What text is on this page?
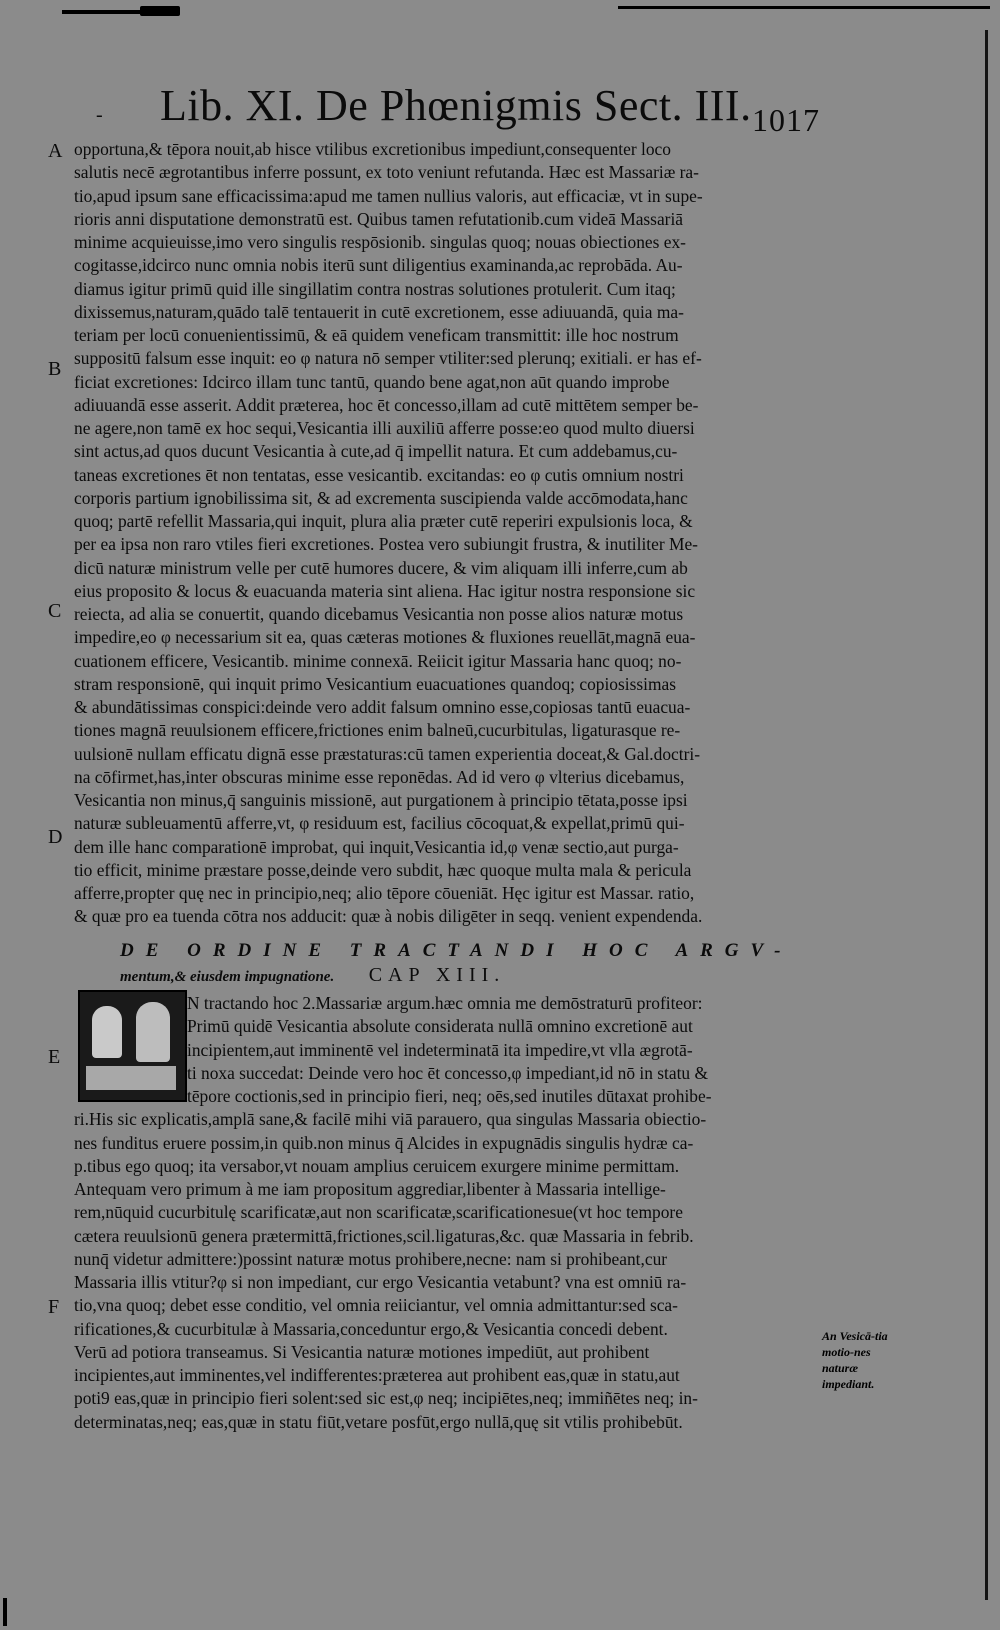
- Lib. XI. De Phœnigmis Sect. III. 1017
A
B
C
D
E
F
opportuna,& tēpora nouit,ab hisce vtilibus excretionibus impediunt,consequenter loco
salutis necē ægrotantibus inferre possunt, ex toto veniunt refutanda. Hæc est Massariæ ra-
tio,apud ipsum sane efficacissima:apud me tamen nullius valoris, aut efficaciæ, vt in supe-
rioris anni disputatione demonstratū est. Quibus tamen refutationib.cum videā Massariā
minime acquieuisse,imo vero singulis respōsionib. singulas quoq; nouas obiectiones ex-
cogitasse,idcirco nunc omnia nobis iterū sunt diligentius examinanda,ac reprobāda. Au-
diamus igitur primū quid ille singillatim contra nostras solutiones protulerit. Cum itaq;
dixissemus,naturam,quādo talē tentauerit in cutē excretionem, esse adiuuandā, quia ma-
teriam per locū conuenientissimū, & eā quidem veneficam transmittit: ille hoc nostrum
suppositū falsum esse inquit: eo φ natura nō semper vtiliter:sed plerunq; exitiali. er has ef-
ficiat excretiones: Idcirco illam tunc tantū, quando bene agat,non aūt quando improbe
adiuuandā esse asserit. Addit præterea, hoc ēt concesso,illam ad cutē mittētem semper be-
ne agere,non tamē ex hoc sequi,Vesicantia illi auxiliū afferre posse:eo quod multo diuersi
sint actus,ad quos ducunt Vesicantia à cute,ad q̄ impellit natura. Et cum addebamus,cu-
taneas excretiones ēt non tentatas, esse vesicantib. excitandas: eo φ cutis omnium nostri
corporis partium ignobilissima sit, & ad excrementa suscipienda valde accōmodata,hanc
quoq; partē refellit Massaria,qui inquit, plura alia præter cutē reperiri expulsionis loca, &
per ea ipsa non raro vtiles fieri excretiones. Postea vero subiungit frustra, & inutiliter Me-
dicū naturæ ministrum velle per cutē humores ducere, & vim aliquam illi inferre,cum ab
eius proposito & locus & euacuanda materia sint aliena. Hac igitur nostra responsione sic
reiecta, ad alia se conuertit, quando dicebamus Vesicantia non posse alios naturæ motus
impedire,eo φ necessarium sit ea, quas cæteras motiones & fluxiones reuellāt,magnā eua-
cuationem efficere, Vesicantib. minime connexā. Reiicit igitur Massaria hanc quoq; no-
stram responsionē, qui inquit primo Vesicantium euacuationes quandoq; copiosissimas
& abundātissimas conspici:deinde vero addit falsum omnino esse,copiosas tantū euacua-
tiones magnā reuulsionem efficere,frictiones enim balneū,cucurbitulas, ligaturasque re-
uulsionē nullam efficatu dignā esse præstaturas:cū tamen experientia doceat,& Gal.doctri-
na cōfirmet,has,inter obscuras minime esse reponēdas. Ad id vero φ vlterius dicebamus,
Vesicantia non minus,q̄ sanguinis missionē, aut purgationem à principio tētata,posse ipsi
naturæ subleuamentū afferre,vt, φ residuum est, facilius cōcoquat,& expellat,primū qui-
dem ille hanc comparationē improbat, qui inquit,Vesicantia id,φ venæ sectio,aut purga-
tio efficit, minime præstare posse,deinde vero subdit, hæc quoque multa mala & pericula
afferre,propter quę nec in principio,neq; alio tēpore cōueniāt. Hęc igitur est Massar. ratio,
& quæ pro ea tuenda cōtra nos adducit: quæ à nobis diligēter in seqq. venient expendenda.
DE ORDINE TRACTANDI HOC ARGV-
mentum,& eiusdem impugnatione. CAP XIII.
N tractando hoc 2.Massariæ argum.hæc omnia me demōstraturū profiteor:
Primū quidē Vesicantia absolute considerata nullā omnino excretionē aut
incipientem,aut imminentē vel indeterminatā ita impedire,vt vlla ægrotā-
ti noxa succedat: Deinde vero hoc ēt concesso,φ impediant,id nō in statu &
tēpore coctionis,sed in principio fieri, neq; oēs,sed inutiles dūtaxat prohibe-
ri.His sic explicatis,amplā sane,& facilē mihi viā parauero, qua singulas Massaria obiectio-
nes funditus eruere possim,in quib.non minus q̄ Alcides in expugnādis singulis hydræ ca-
p.tibus ego quoq; ita versabor,vt nouam amplius ceruicem exurgere minime permittam.
Antequam vero primum à me iam propositum aggrediar,libenter à Massaria intellige-
rem,nūquid cucurbitulę scarificatæ,aut non scarificatæ,scarificationesue(vt hoc tempore
cætera reuulsionū genera prætermittā,frictiones,scil.ligaturas,&c. quæ Massaria in febrib.
nunq̄ videtur admittere:)possint naturæ motus prohibere,necne: nam si prohibeant,cur
Massaria illis vtitur?φ si non impediant, cur ergo Vesicantia vetabunt? vna est omniū ra-
tio,vna quoq; debet esse conditio, vel omnia reiiciantur, vel omnia admittantur:sed sca-
rificationes,& cucurbitulæ à Massaria,conceduntur ergo,& Vesicantia concedi debent.
Verū ad potiora transeamus. Si Vesicantia naturæ motiones impediūt, aut prohibent
incipientes,aut imminentes,vel indifferentes:præterea aut prohibent eas,quæ in statu,aut
poti9 eas,quæ in principio fieri solent:sed sic est,φ neq; incipiētes,neq; immiñētes neq; in-
determinatas,neq; eas,quæ in statu fiūt,vetare posfūt,ergo nullā,quę sit vtilis prohibebūt.
An Vesicā-tia motio-nes naturæ impediant.
